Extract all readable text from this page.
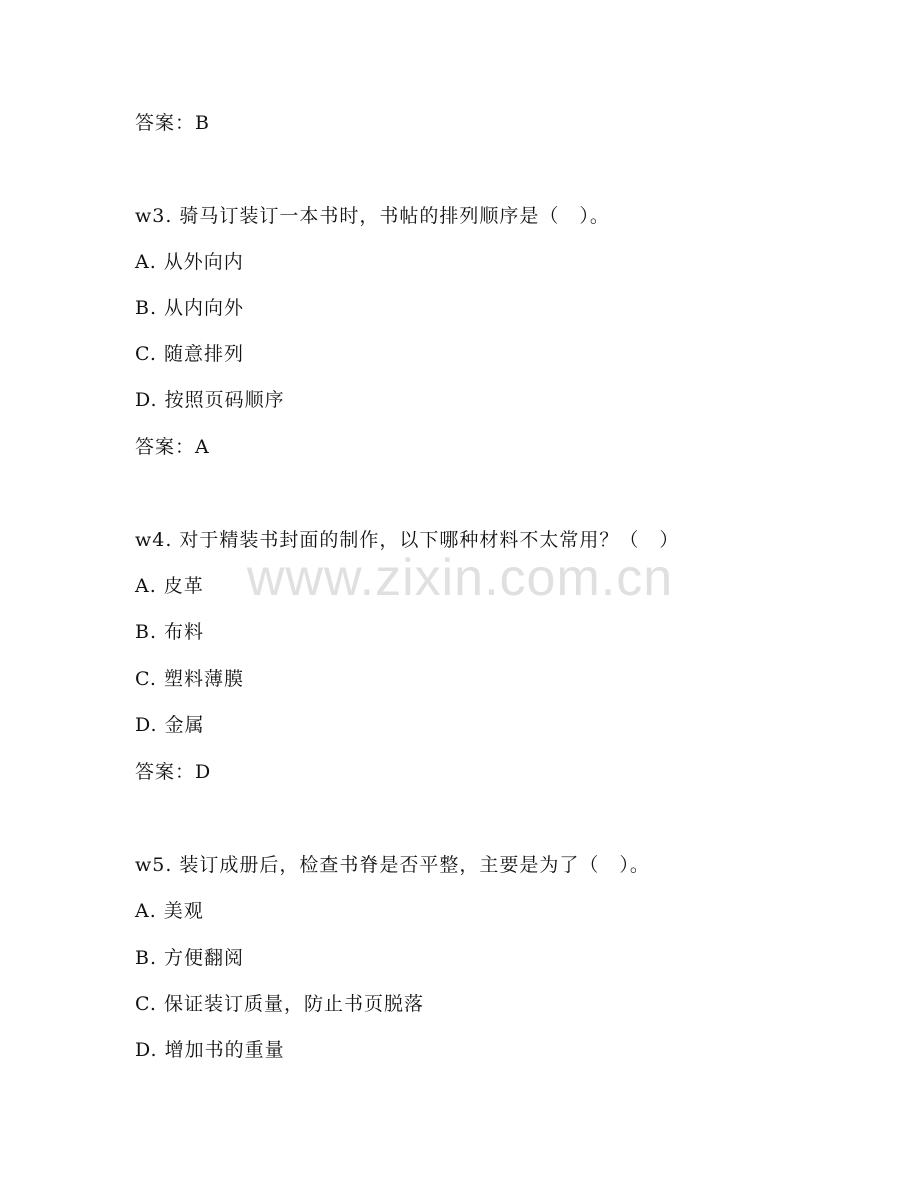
答案：B
w3. 骑马订装订一本书时，书帖的排列顺序是（　）。
A. 从外向内
B. 从内向外
C. 随意排列
D. 按照页码顺序
答案：A
w4. 对于精装书封面的制作，以下哪种材料不太常用？（　）
A. 皮革
B. 布料
C. 塑料薄膜
D. 金属
答案：D
w5. 装订成册后，检查书脊是否平整，主要是为了（　）。
A. 美观
B. 方便翻阅
C. 保证装订质量，防止书页脱落
D. 增加书的重量
www.zixin.com.cn
